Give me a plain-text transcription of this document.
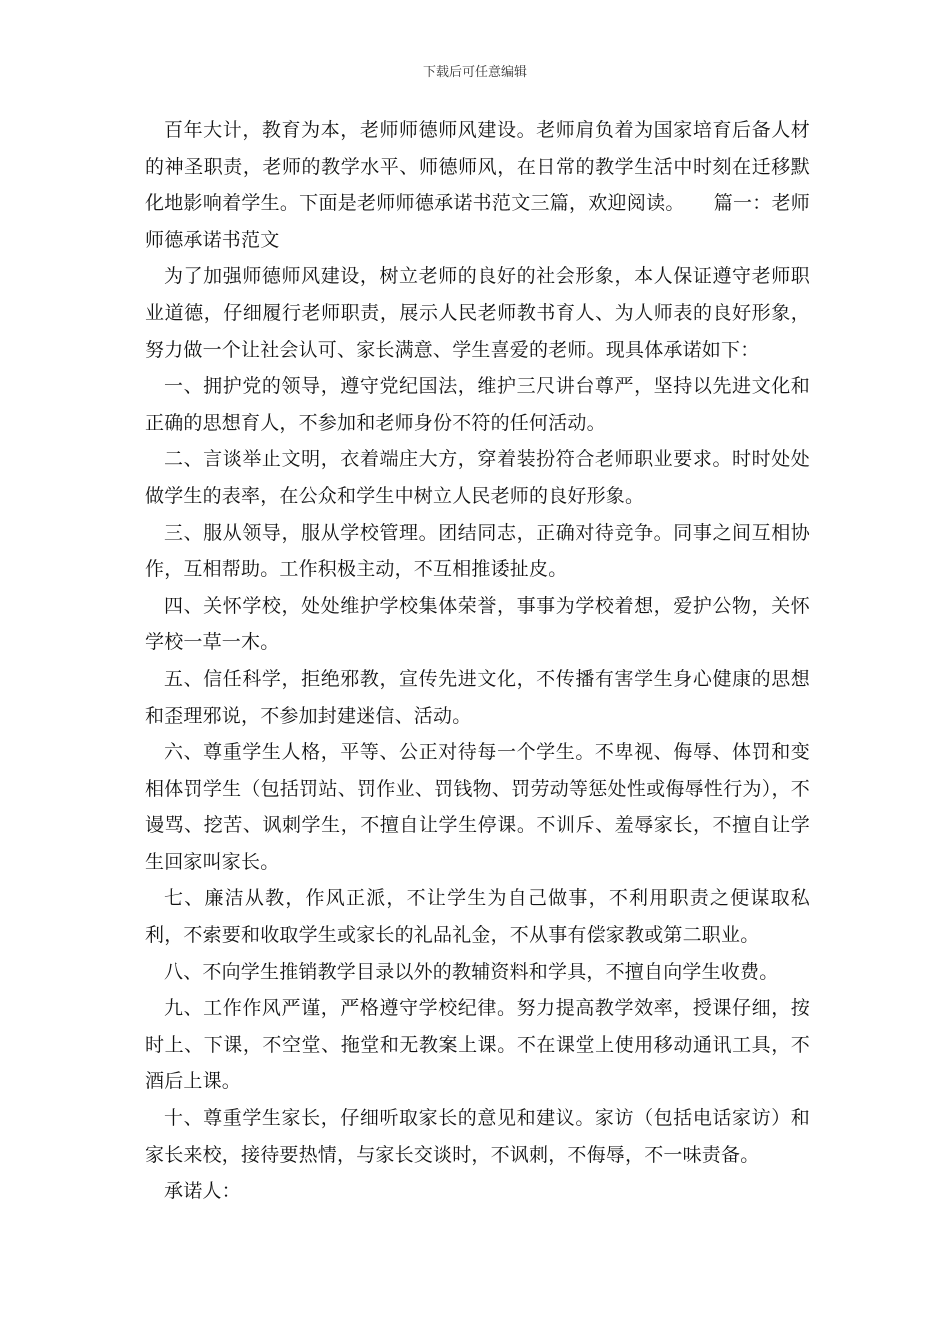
下载后可任意编辑

百年大计，教育为本，老师师德师风建设。老师肩负着为国家培育后备人材的神圣职责，老师的教学水平、师德师风，在日常的教学生活中时刻在迁移默化地影响着学生。下面是老师师德承诺书范文三篇，欢迎阅读。　　篇一：老师师德承诺书范文

为了加强师德师风建设，树立老师的良好的社会形象，本人保证遵守老师职业道德，仔细履行老师职责，展示人民老师教书育人、为人师表的良好形象，努力做一个让社会认可、家长满意、学生喜爱的老师。现具体承诺如下：

一、拥护党的领导，遵守党纪国法，维护三尺讲台尊严，坚持以先进文化和正确的思想育人，不参加和老师身份不符的任何活动。

二、言谈举止文明，衣着端庄大方，穿着装扮符合老师职业要求。时时处处做学生的表率，在公众和学生中树立人民老师的良好形象。

三、服从领导，服从学校管理。团结同志，正确对待竞争。同事之间互相协作，互相帮助。工作积极主动，不互相推诿扯皮。

四、关怀学校，处处维护学校集体荣誉，事事为学校着想，爱护公物，关怀学校一草一木。

五、信任科学，拒绝邪教，宣传先进文化，不传播有害学生身心健康的思想和歪理邪说，不参加封建迷信、活动。

六、尊重学生人格，平等、公正对待每一个学生。不卑视、侮辱、体罚和变相体罚学生（包括罚站、罚作业、罚钱物、罚劳动等惩处性或侮辱性行为），不谩骂、挖苦、讽刺学生，不擅自让学生停课。不训斥、羞辱家长，不擅自让学生回家叫家长。

七、廉洁从教，作风正派，不让学生为自己做事，不利用职责之便谋取私利，不索要和收取学生或家长的礼品礼金，不从事有偿家教或第二职业。

八、不向学生推销教学目录以外的教辅资料和学具，不擅自向学生收费。

九、工作作风严谨，严格遵守学校纪律。努力提高教学效率，授课仔细，按时上、下课，不空堂、拖堂和无教案上课。不在课堂上使用移动通讯工具，不酒后上课。

十、尊重学生家长，仔细听取家长的意见和建议。家访（包括电话家访）和家长来校，接待要热情，与家长交谈时，不讽刺，不侮辱，不一味责备。

承诺人：
